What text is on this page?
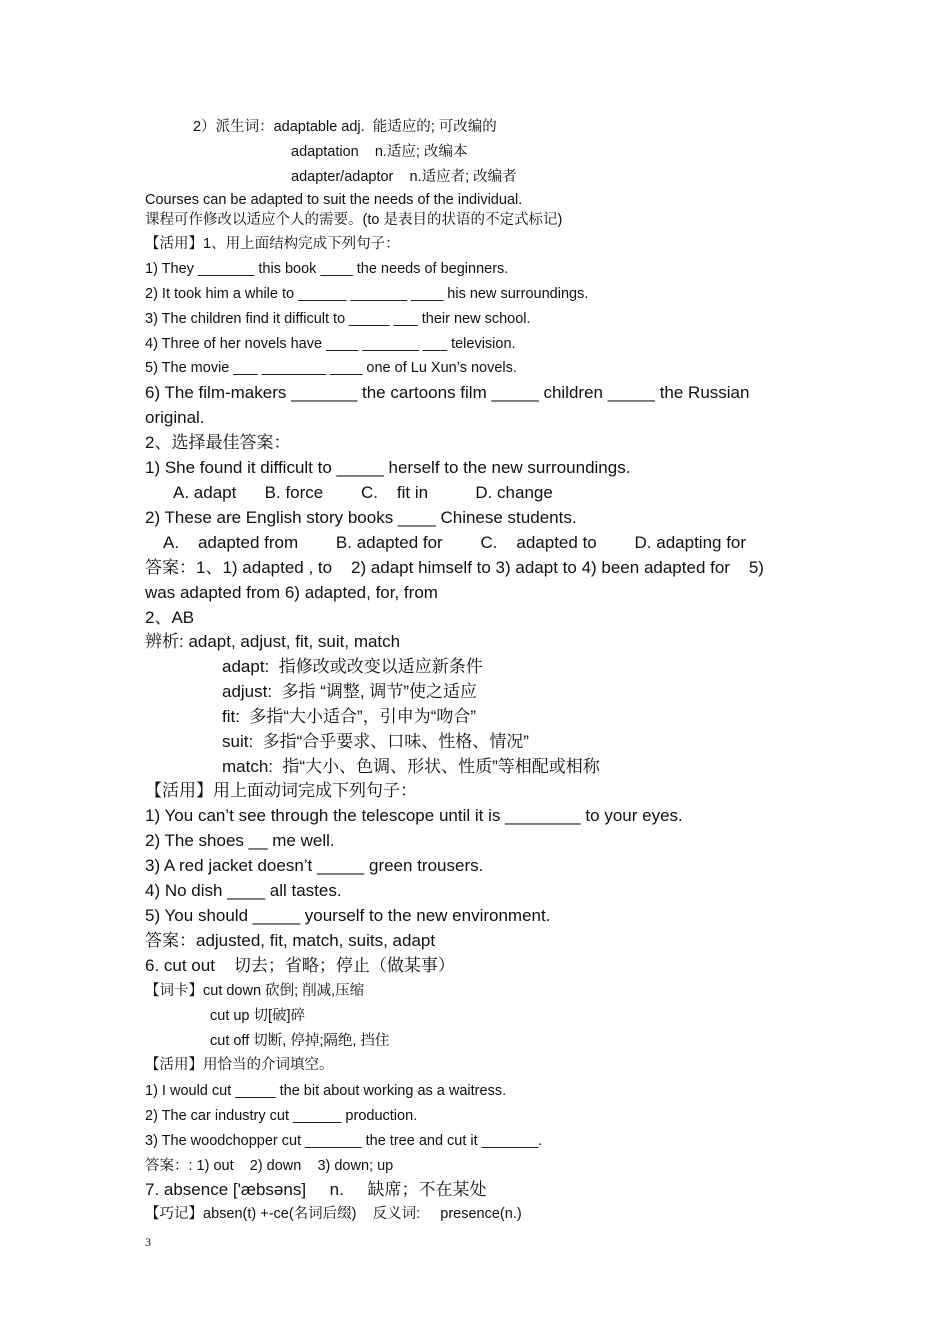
2）派生词：adaptable adj.  能适应的; 可改编的
adaptation    n.适应; 改编本
adapter/adaptor    n.适应者; 改编者
Courses can be adapted to suit the needs of the individual.
课程可作修改以适应个人的需要。(to 是表目的状语的不定式标记)
【活用】1、用上面结构完成下列句子：
1) They _______ this book ____ the needs of beginners.
2) It took him a while to ______ _______ ____ his new surroundings.
3) The children find it difficult to _____ ___ their new school.
4) Three of her novels have ____ _______ ___ television.
5) The movie ___ ________ ____ one of Lu Xun’s novels.
6) The film-makers _______ the cartoons film _____ children _____ the Russian
original.
2、选择最佳答案：
1) She found it difficult to _____ herself to the new surroundings.
A. adapt      B. force        C.    fit in          D. change
2) These are English story books ____ Chinese students.
A.    adapted from        B. adapted for        C.    adapted to        D. adapting for
答案：1、1) adapted , to    2) adapt himself to 3) adapt to 4) been adapted for    5)
was adapted from 6) adapted, for, from
2、AB
辨析: adapt, adjust, fit, suit, match
adapt:  指修改或改变以适应新条件
adjust:  多指 “调整, 调节”使之适应
fit:  多指“大小适合”，引申为“吻合”
suit:  多指“合乎要求、口味、性格、情况”
match:  指“大小、色调、形状、性质”等相配或相称
【活用】用上面动词完成下列句子：
1) You can’t see through the telescope until it is ________ to your eyes.
2) The shoes __ me well.
3) A red jacket doesn’t _____ green trousers.
4) No dish ____ all tastes.
5) You should _____ yourself to the new environment.
答案：adjusted, fit, match, suits, adapt
6. cut out    切去；省略；停止（做某事）
【词卡】cut down 砍倒; 削减,压缩
cut up 切[破]碎
cut off 切断, 停掉;隔绝, 挡住
【活用】用恰当的介词填空。
1) I would cut _____ the bit about working as a waitress.
2) The car industry cut ______ production.
3) The woodchopper cut _______ the tree and cut it _______.
答案：: 1) out    2) down    3) down; up
7. absence ['æbsəns]     n.     缺席；不在某处
【巧记】absen(t) +-ce(名词后缀)    反义词:     presence(n.)
3
